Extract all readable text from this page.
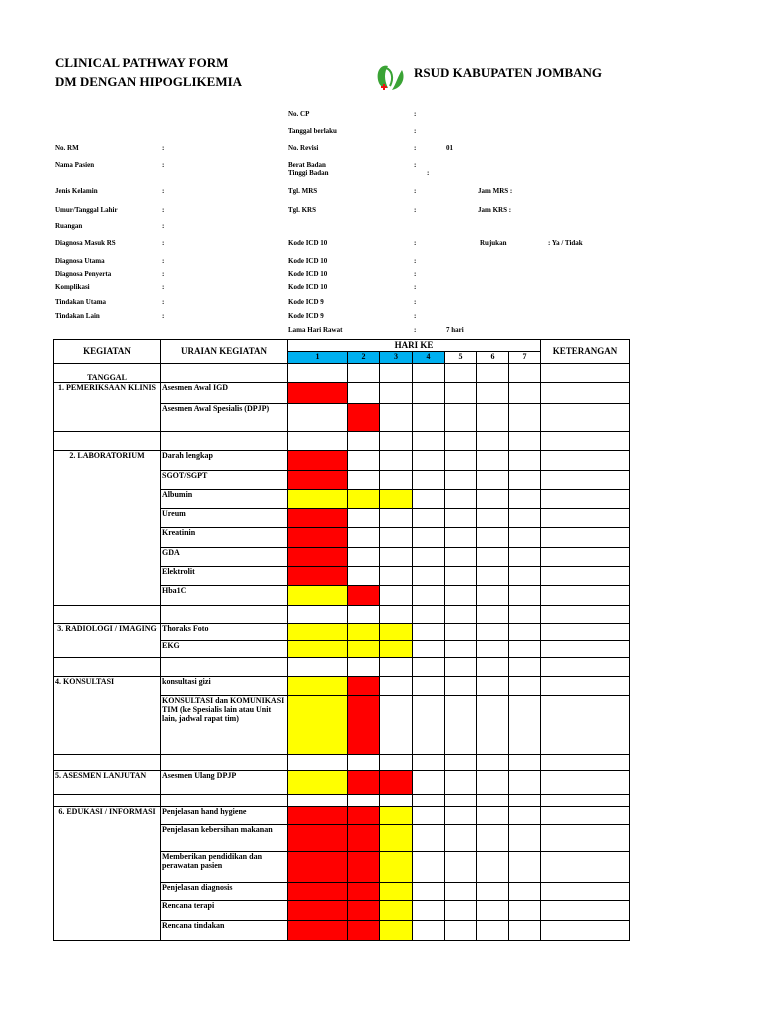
CLINICAL PATHWAY FORM
DM DENGAN HIPOGLIKEMIA
RSUD KABUPATEN JOMBANG
No. CP	:
Tanggal berlaku	:
No. RM	:
Nama Pasien	:
Jenis Kelamin	:
Umur/Tanggal Lahir	:
Ruangan	:
Diagnosa Masuk RS	:
Diagnosa Utama	:
Diagnosa Penyerta	:
Komplikasi	:
Tindakan Utama	:
Tindakan Lain	:
No. Revisi	:	01
Berat Badan	:
Tinggi Badan	:
Tgl. MRS	:	Jam MRS :
Tgl. KRS	:	Jam KRS :
Kode ICD 10	:	Rujukan	: Ya / Tidak
Kode ICD 10	:
Kode ICD 10	:
Kode ICD 10	:
Kode ICD 9	:
Kode ICD 9	:
Lama Hari Rawat	:	7 hari
KEGIATAN	URAIAN KEGIATAN	HARI KE							KETERANGAN
		1	2	3	4	5	6	7	
TANGGAL									
1. PEMERIKSAAN KLINIS	Asesmen Awal IGD								
	Asesmen Awal Spesialis (DPJP)								

2. LABORATORIUM	Darah lengkap								
	SGOT/SGPT								
	Albumin								
	Ureum								
	Kreatinin								
	GDA								
	Elektrolit								
	Hba1C								

3. RADIOLOGI / IMAGING	Thoraks Foto								
	EKG								

4. KONSULTASI	konsultasi gizi								
	KONSULTASI dan KOMUNIKASI TIM (ke Spesialis lain atau Unit lain, jadwal rapat tim)								

5. ASESMEN LANJUTAN	Asesmen Ulang DPJP								

6. EDUKASI / INFORMASI	Penjelasan hand hygiene								
	Penjelasan kebersihan makanan								
	Memberikan pendidikan dan perawatan pasien								
	Penjelasan diagnosis								
	Rencana terapi								
	Rencana tindakan								
